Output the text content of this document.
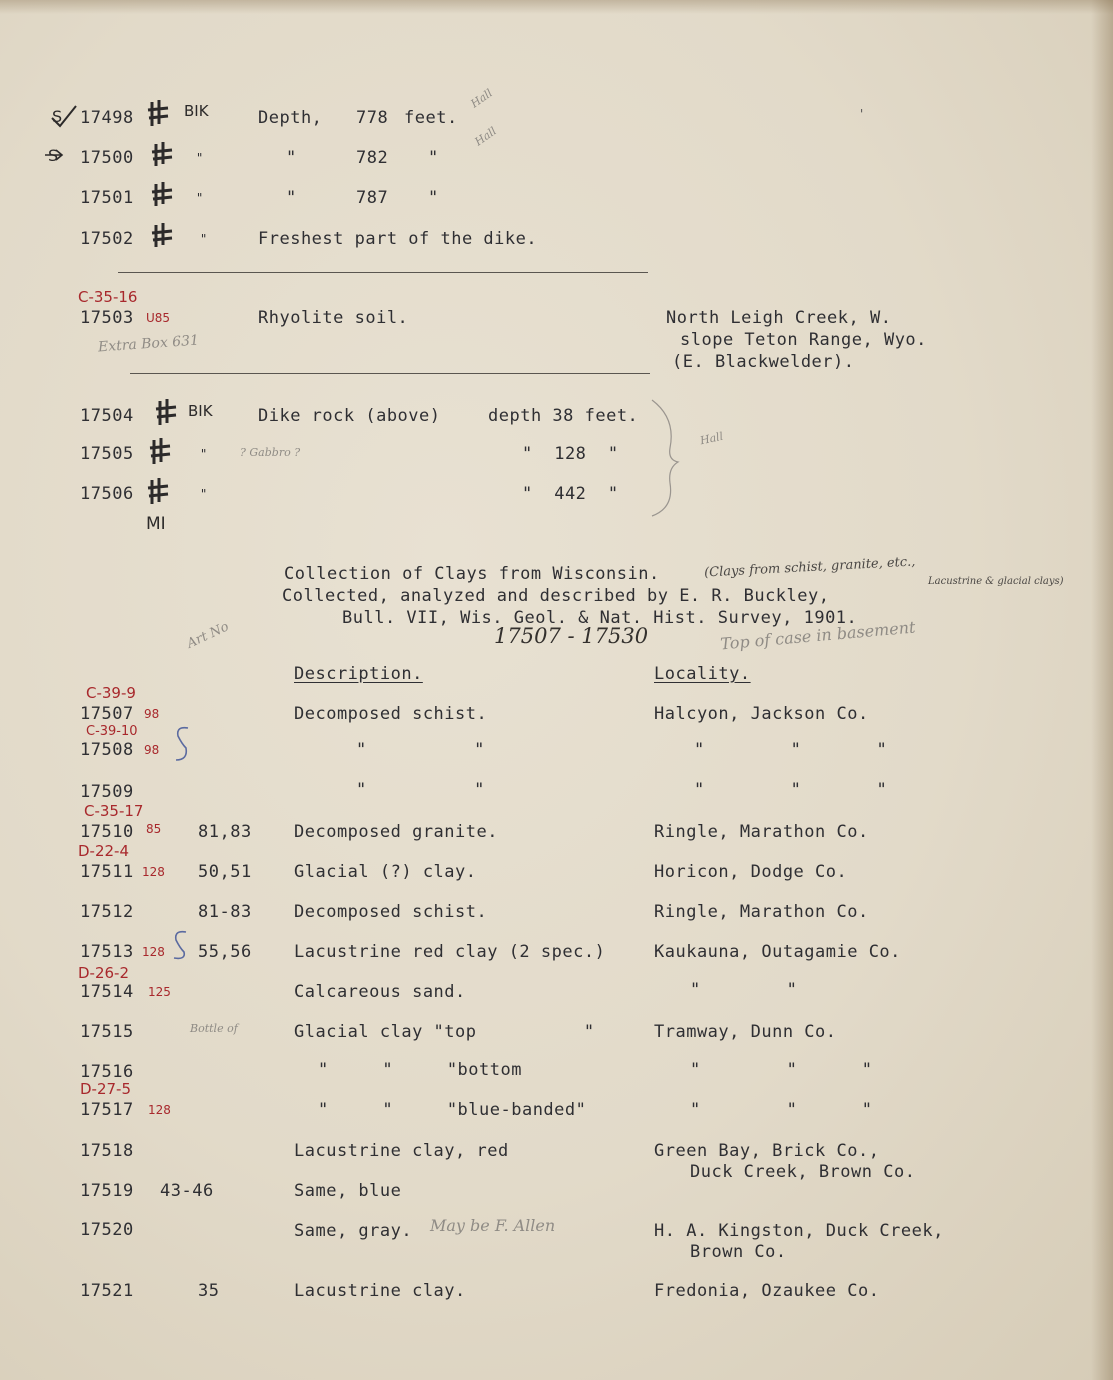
S 17498	BIK	Depth, 778 feet.
S 17500	"	"	782 "
17501	"	"	787 "
17502	"	Freshest part of the dike.
Hall
Hall
'
C-35-16
17503 U85	Rhyolite soil.
Extra Box 631
North Leigh Creek, W.
slope Teton Range, Wyo.
(E. Blackwelder).
17504	BIK	Dike rock (above)	depth 38 feet.
17505	"	? Gabbro ?	"  128  "
17506	"	"  442  "
MI
Hall
Collection of Clays from Wisconsin.
Collected, analyzed and described by E. R. Buckley,
Bull. VII, Wis. Geol. & Nat. Hist. Survey, 1901.
(Clays from schist, granite, etc.,
Lacustrine & glacial clays)
17507 - 17530	Top of case in basement
Art No
Description.	Locality.
C-39-9
17507 98	Decomposed schist.	Halcyon, Jackson Co.
C-39-10
17508 98	"          "	"        "       "
17509	"          "	"        "       "
C-35-17
17510 85 81,83 Decomposed granite.	Ringle, Marathon Co.
D-22-4
17511 128 50,51 Glacial (?) clay.	Horicon, Dodge Co.
17512	81-83 Decomposed schist.	Ringle, Marathon Co.
17513 128 55,56 Lacustrine red clay (2 spec.)	Kaukauna, Outagamie Co.
D-26-2
17514 125	Calcareous sand.	"        "
17515	Bottle of	Glacial clay "top          "	Tramway, Dunn Co.
17516	"     "     "bottom	"        "      "
D-27-5
17517 128	"     "     "blue-banded"	"        "      "
17518	Lacustrine clay, red	Green Bay, Brick Co.,
Duck Creek, Brown Co.
17519 43-46	Same, blue
17520	Same, gray. May be F. Allen	H. A. Kingston, Duck Creek,
Brown Co.
17521	35	Lacustrine clay.	Fredonia, Ozaukee Co.
